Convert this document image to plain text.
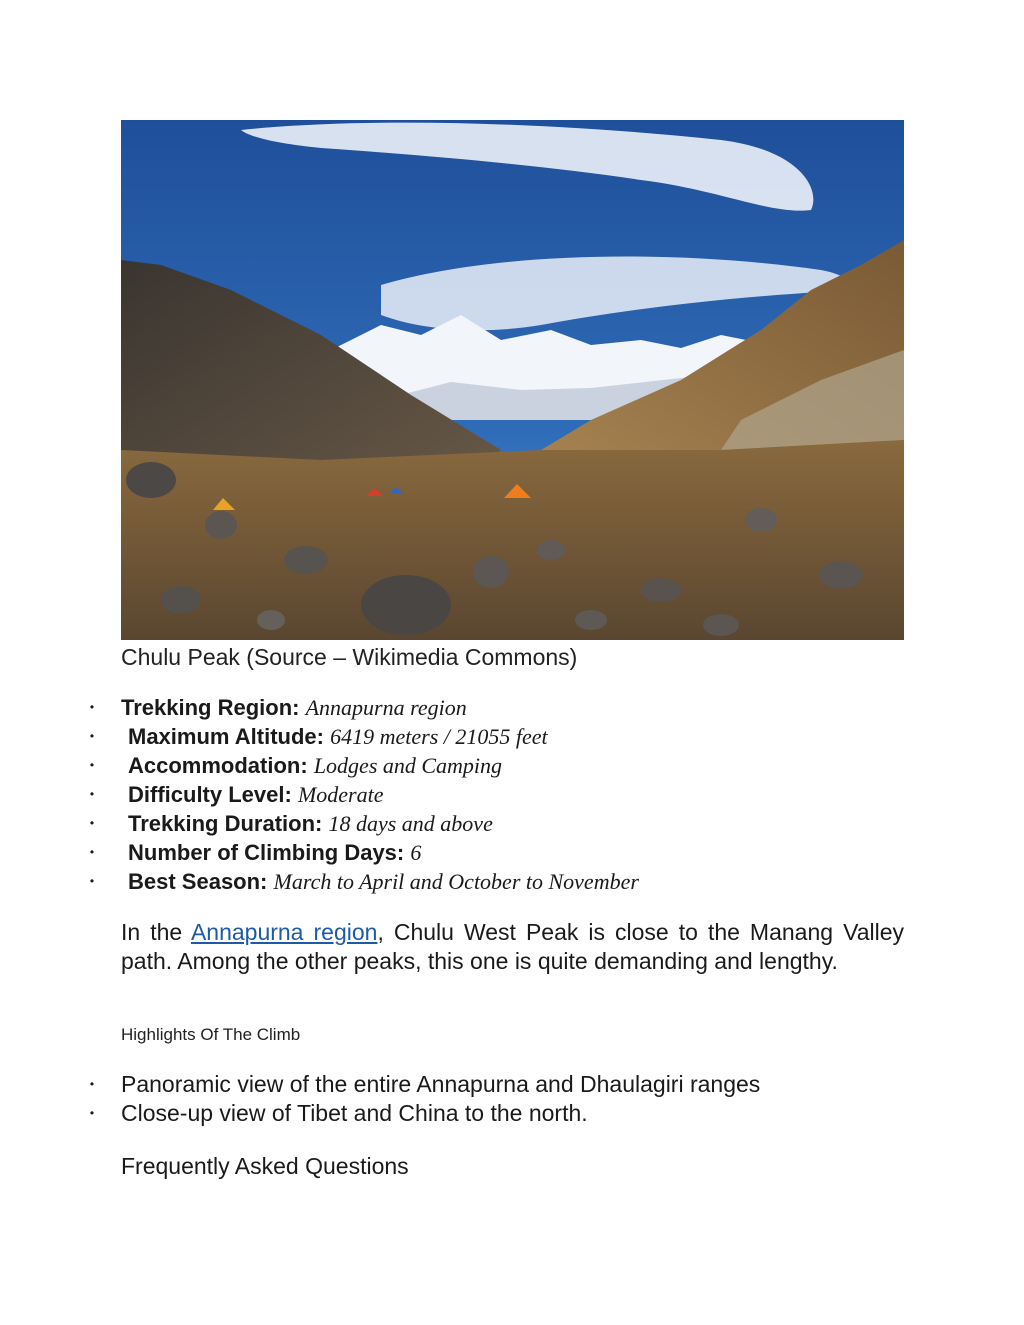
Chulu Peak (Source – Wikimedia Commons)
• Trekking Region: Annapurna region
• Maximum Altitude: 6419 meters / 21055 feet
• Accommodation: Lodges and Camping
• Difficulty Level: Moderate
• Trekking Duration: 18 days and above
• Number of Climbing Days: 6
• Best Season: March to April and October to November

In the Annapurna region, Chulu West Peak is close to the Manang Valley path. Among the other peaks, this one is quite demanding and lengthy.

Highlights Of The Climb
• Panoramic view of the entire Annapurna and Dhaulagiri ranges
• Close-up view of Tibet and China to the north.
Frequently Asked Questions
